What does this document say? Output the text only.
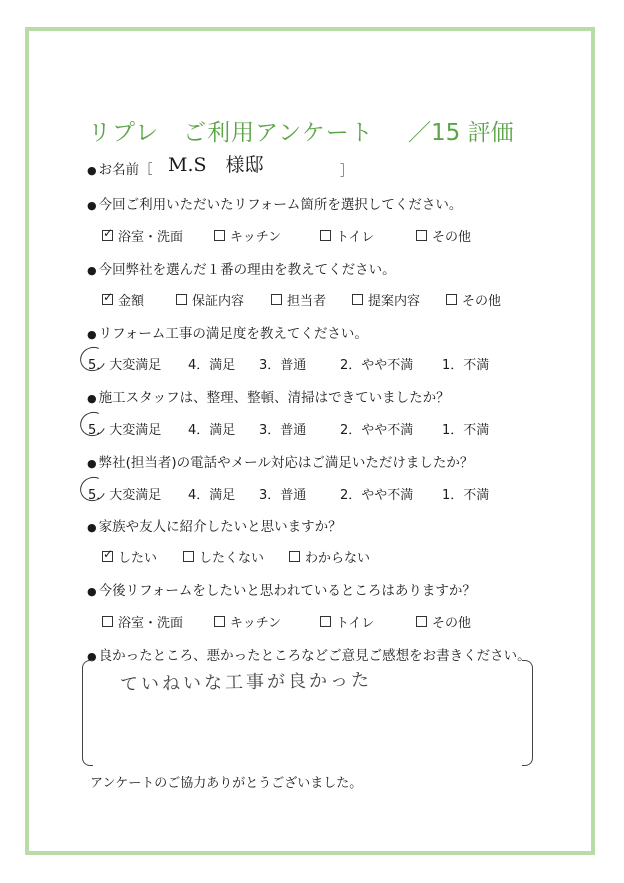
リプレ　ご利用アンケート ／15 評価
● お名前［ M.S　様邸	］
● 今回ご利用いただいたリフォーム箇所を選択してください。
✓浴室・洗面	キッチン	トイレ	その他
● 今回弊社を選んだ１番の理由を教えてください。
✓金額	保証内容	担当者	提案内容	その他
● リフォーム工事の満足度を教えてください。
5．大変満足 4．満足 3．普通	2．やや不満 1．不満
● 施工スタッフは、整理、整頓、清掃はできていましたか？
5．大変満足 4．満足 3．普通	2．やや不満 1．不満
● 弊社(担当者)の電話やメール対応はご満足いただけましたか？
5．大変満足 4．満足 3．普通	2．やや不満 1．不満
● 家族や友人に紹介したいと思いますか？
✓したい	したくない	わからない
● 今後リフォームをしたいと思われているところはありますか？
浴室・洗面	キッチン	トイレ	その他
● 良かったところ、悪かったところなどご意見ご感想をお書きください。
ていねいな工事が良かった
アンケートのご協力ありがとうございました。
